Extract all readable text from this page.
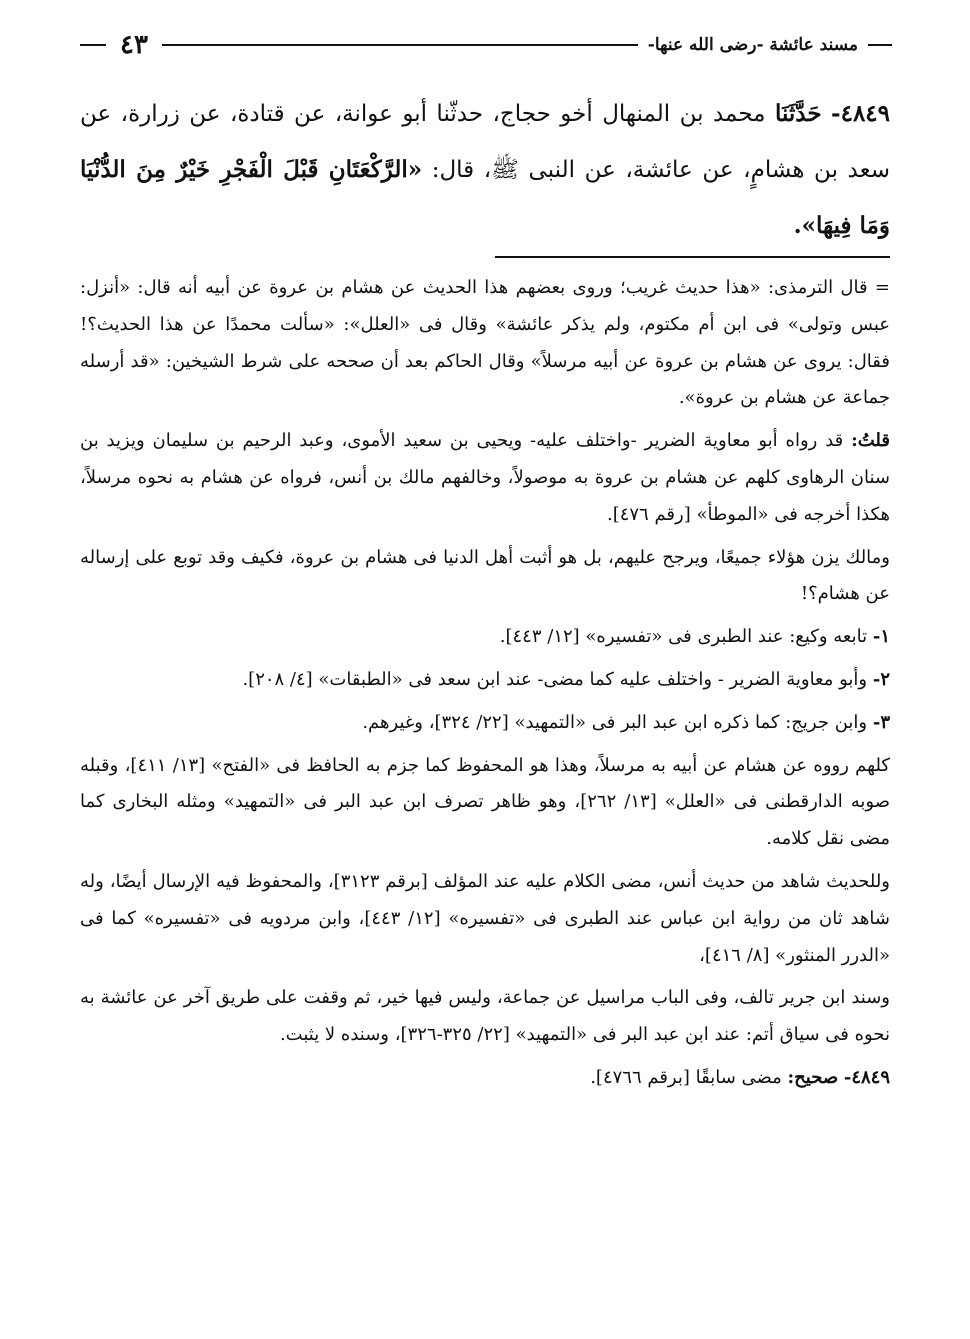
مسند عائشة -رضى الله عنها-
٤٣
٤٨٤٩- حَدَّثَنَا محمد بن المنهال أخو حجاج، حدثّنا أبو عوانة، عن قتادة، عن زرارة، عن سعد بن هشامٍ، عن عائشة، عن النبى ﷺ، قال: «الرَّكْعَتَانِ قَبْلَ الْفَجْرِ خَيْرٌ مِنَ الدُّنْيَا وَمَا فِيهَا».

= قال الترمذى: «هذا حديث غريب؛ وروى بعضهم هذا الحديث عن هشام بن عروة عن أبيه أنه قال: «أنزل: عبس وتولى» فى ابن أم مكتوم، ولم يذكر عائشة» وقال فى «العلل»: «سألت محمدًا عن هذا الحديث؟! فقال: يروى عن هشام بن عروة عن أبيه مرسلاً» وقال الحاكم بعد أن صححه على شرط الشيخين: «قد أرسله جماعة عن هشام بن عروة».

قلتُ: قد رواه أبو معاوية الضرير -واختلف عليه- ويحيى بن سعيد الأموى، وعبد الرحيم بن سليمان ويزيد بن سنان الرهاوى كلهم عن هشام بن عروة به موصولاً، وخالفهم مالك بن أنس، فرواه عن هشام به نحوه مرسلاً، هكذا أخرجه فى «الموطأ» [رقم ٤٧٦].

ومالك يزن هؤلاء جميعًا، ويرجح عليهم، بل هو أثبت أهل الدنيا فى هشام بن عروة، فكيف وقد توبع على إرساله عن هشام؟!

١- تابعه وكيع: عند الطبرى فى «تفسيره» [١٢/ ٤٤٣].

٢- وأبو معاوية الضرير - واختلف عليه كما مضى- عند ابن سعد فى «الطبقات» [٤/ ٢٠٨].

٣- وابن جريج: كما ذكره ابن عبد البر فى «التمهيد» [٢٢/ ٣٢٤]، وغيرهم.

كلهم رووه عن هشام عن أبيه به مرسلاً، وهذا هو المحفوظ كما جزم به الحافظ فى «الفتح» [١٣/ ٤١١]، وقبله صوبه الدارقطنى فى «العلل» [١٣/ ٢٦٢]، وهو ظاهر تصرف ابن عبد البر فى «التمهيد» ومثله البخارى كما مضى نقل كلامه.

وللحديث شاهد من حديث أنس، مضى الكلام عليه عند المؤلف [برقم ٣١٢٣]، والمحفوظ فيه الإرسال أيضًا، وله شاهد ثان من رواية ابن عباس عند الطبرى فى «تفسيره» [١٢/ ٤٤٣]، وابن مردويه فى «تفسيره» كما فى «الدرر المنثور» [٨/ ٤١٦]،

وسند ابن جرير تالف، وفى الباب مراسيل عن جماعة، وليس فيها خير، ثم وقفت على طريق آخر عن عائشة به نحوه فى سياق أتم: عند ابن عبد البر فى «التمهيد» [٢٢/ ٣٢٥-٣٢٦]، وسنده لا يثبت.

٤٨٤٩- صحيح: مضى سابقًا [برقم ٤٧٦٦].
